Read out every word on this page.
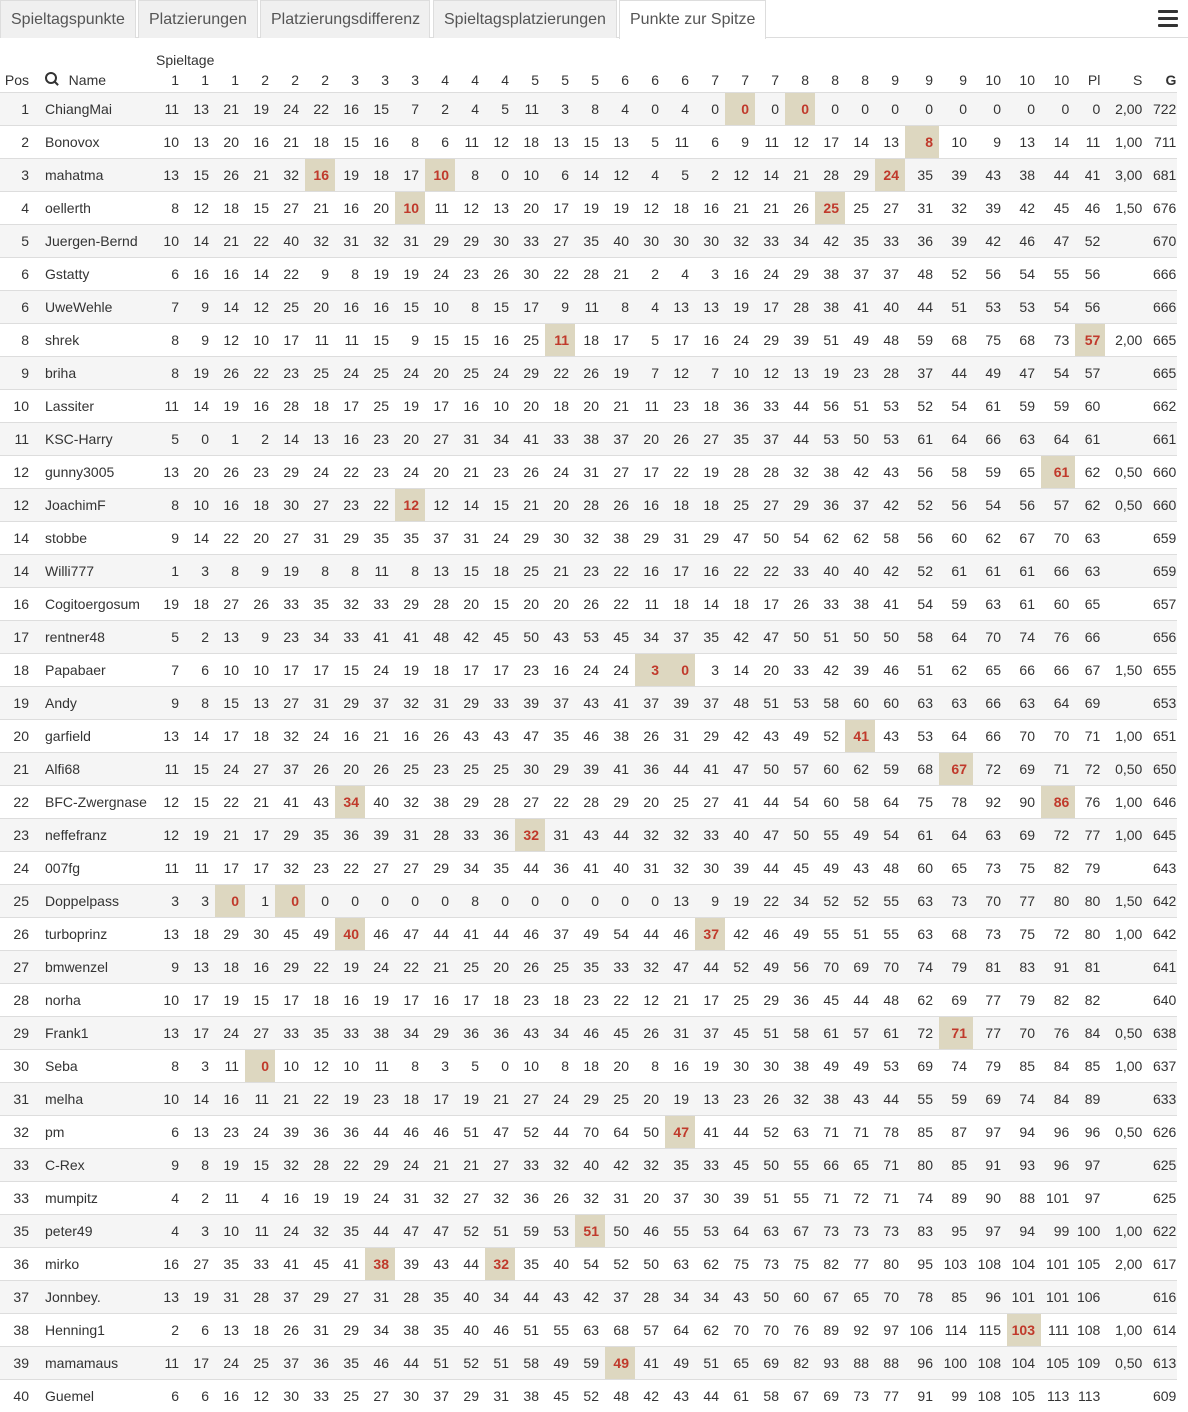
Spieltagspunkte	Platzierungen	Platzierungsdifferenz	Spieltagsplatzierungen	Punkte zur Spitze
		Spieltage																																
Pos	Name	1	1	1	2	2	2	3	3	3	4	4	4	5	5	5	6	6	6	7	7	7	8	8	8	9	9	9	10	10	10	Pl	S	G
1	ChiangMai	11	13	21	19	24	22	16	15	7	2	4	5	11	3	8	4	0	4	0	0	0	0	0	0	0	0	0	0	0	0	0	2,00	722
2	Bonovox	10	13	20	16	21	18	15	16	8	6	11	12	18	13	15	13	5	11	6	9	11	12	17	14	13	8	10	9	13	14	11	1,00	711
3	mahatma	13	15	26	21	32	16	19	18	17	10	8	0	10	6	14	12	4	5	2	12	14	21	28	29	24	35	39	43	38	44	41	3,00	681
4	oellerth	8	12	18	15	27	21	16	20	10	11	12	13	20	17	19	19	12	18	16	21	21	26	25	25	27	31	32	39	42	45	46	1,50	676
5	Juergen-Bernd	10	14	21	22	40	32	31	32	31	29	29	30	33	27	35	40	30	30	30	32	33	34	42	35	33	36	39	42	46	47	52		670
6	Gstatty	6	16	16	14	22	9	8	19	19	24	23	26	30	22	28	21	2	4	3	16	24	29	38	37	37	48	52	56	54	55	56		666
6	UweWehle	7	9	14	12	25	20	16	16	15	10	8	15	17	9	11	8	4	13	13	19	17	28	38	41	40	44	51	53	53	54	56		666
8	shrek	8	9	12	10	17	11	11	15	9	15	15	16	25	11	18	17	5	17	16	24	29	39	51	49	48	59	68	75	68	73	57	2,00	665
9	briha	8	19	26	22	23	25	24	25	24	20	25	24	29	22	26	19	7	12	7	10	12	13	19	23	28	37	44	49	47	54	57		665
10	Lassiter	11	14	19	16	28	18	17	25	19	17	16	10	20	18	20	21	11	23	18	36	33	44	56	51	53	52	54	61	59	59	60		662
11	KSC-Harry	5	0	1	2	14	13	16	23	20	27	31	34	41	33	38	37	20	26	27	35	37	44	53	50	53	61	64	66	63	64	61		661
12	gunny3005	13	20	26	23	29	24	22	23	24	20	21	23	26	24	31	27	17	22	19	28	28	32	38	42	43	56	58	59	65	61	62	0,50	660
12	JoachimF	8	10	16	18	30	27	23	22	12	12	14	15	21	20	28	26	16	18	18	25	27	29	36	37	42	52	56	54	56	57	62	0,50	660
14	stobbe	9	14	22	20	27	31	29	35	35	37	31	24	29	30	32	38	29	31	29	47	50	54	62	62	58	56	60	62	67	70	63		659
14	Willi777	1	3	8	9	19	8	8	11	8	13	15	18	25	21	23	22	16	17	16	22	22	33	40	40	42	52	61	61	61	66	63		659
16	Cogitoergosum	19	18	27	26	33	35	32	33	29	28	20	15	20	20	26	22	11	18	14	18	17	26	33	38	41	54	59	63	61	60	65		657
17	rentner48	5	2	13	9	23	34	33	41	41	48	42	45	50	43	53	45	34	37	35	42	47	50	51	50	50	58	64	70	74	76	66		656
18	Papabaer	7	6	10	10	17	17	15	24	19	18	17	17	23	16	24	24	3	0	3	14	20	33	42	39	46	51	62	65	66	66	67	1,50	655
19	Andy	9	8	15	13	27	31	29	37	32	31	29	33	39	37	43	41	37	39	37	48	51	53	58	60	60	63	63	66	63	64	69		653
20	garfield	13	14	17	18	32	24	16	21	16	26	43	43	47	35	46	38	26	31	29	42	43	49	52	41	43	53	64	66	70	70	71	1,00	651
21	Alfi68	11	15	24	27	37	26	20	26	25	23	25	25	30	29	39	41	36	44	41	47	50	57	60	62	59	68	67	72	69	71	72	0,50	650
22	BFC-Zwergnase	12	15	22	21	41	43	34	40	32	38	29	28	27	22	28	29	20	25	27	41	44	54	60	58	64	75	78	92	90	86	76	1,00	646
23	neffefranz	12	19	21	17	29	35	36	39	31	28	33	36	32	31	43	44	32	32	33	40	47	50	55	49	54	61	64	63	69	72	77	1,00	645
24	007fg	11	11	17	17	32	23	22	27	27	29	34	35	44	36	41	40	31	32	30	39	44	45	49	43	48	60	65	73	75	82	79		643
25	Doppelpass	3	3	0	1	0	0	0	0	0	0	8	0	0	0	0	0	0	13	9	19	22	34	52	52	55	63	73	70	77	80	80	1,50	642
26	turboprinz	13	18	29	30	45	49	40	46	47	44	41	44	46	37	49	54	44	46	37	42	46	49	55	51	55	63	68	73	75	72	80	1,00	642
27	bmwenzel	9	13	18	16	29	22	19	24	22	21	25	20	26	25	35	33	32	47	44	52	49	56	70	69	70	74	79	81	83	91	81		641
28	norha	10	17	19	15	17	18	16	19	17	16	17	18	23	18	23	22	12	21	17	25	29	36	45	44	48	62	69	77	79	82	82		640
29	Frank1	13	17	24	27	33	35	33	38	34	29	36	36	43	34	46	45	26	31	37	45	51	58	61	57	61	72	71	77	70	76	84	0,50	638
30	Seba	8	3	11	0	10	12	10	11	8	3	5	0	10	8	18	20	8	16	19	30	30	38	49	49	53	69	74	79	85	84	85	1,00	637
31	melha	10	14	16	11	21	22	19	23	18	17	19	21	27	24	29	25	20	19	13	23	26	32	38	43	44	55	59	69	74	84	89		633
32	pm	6	13	23	24	39	36	36	44	46	46	51	47	52	44	70	64	50	47	41	44	52	63	71	71	78	85	87	97	94	96	96	0,50	626
33	C-Rex	9	8	19	15	32	28	22	29	24	21	21	27	33	32	40	42	32	35	33	45	50	55	66	65	71	80	85	91	93	96	97		625
33	mumpitz	4	2	11	4	16	19	19	24	31	32	27	32	36	26	32	31	20	37	30	39	51	55	71	72	71	74	89	90	88	101	97		625
35	peter49	4	3	10	11	24	32	35	44	47	47	52	51	59	53	51	50	46	55	53	64	63	67	73	73	73	83	95	97	94	99	100	1,00	622
36	mirko	16	27	35	33	41	45	41	38	39	43	44	32	35	40	54	52	50	63	62	75	73	75	82	77	80	95	103	108	104	101	105	2,00	617
37	Jonnbey.	13	19	31	28	37	29	27	31	28	35	40	34	44	43	42	37	28	34	34	43	50	60	67	65	70	78	85	96	101	101	106		616
38	Henning1	2	6	13	18	26	31	29	34	38	35	40	46	51	55	63	68	57	64	62	70	70	76	89	92	97	106	114	115	103	111	108	1,00	614
39	mamamaus	11	17	24	25	37	36	35	46	44	51	52	51	58	49	59	49	41	49	51	65	69	82	93	88	88	96	100	108	104	105	109	0,50	613
40	Guemel	6	6	16	12	30	33	25	27	30	37	29	31	38	45	52	48	42	43	44	61	58	67	69	73	77	91	99	108	105	113	113		609
